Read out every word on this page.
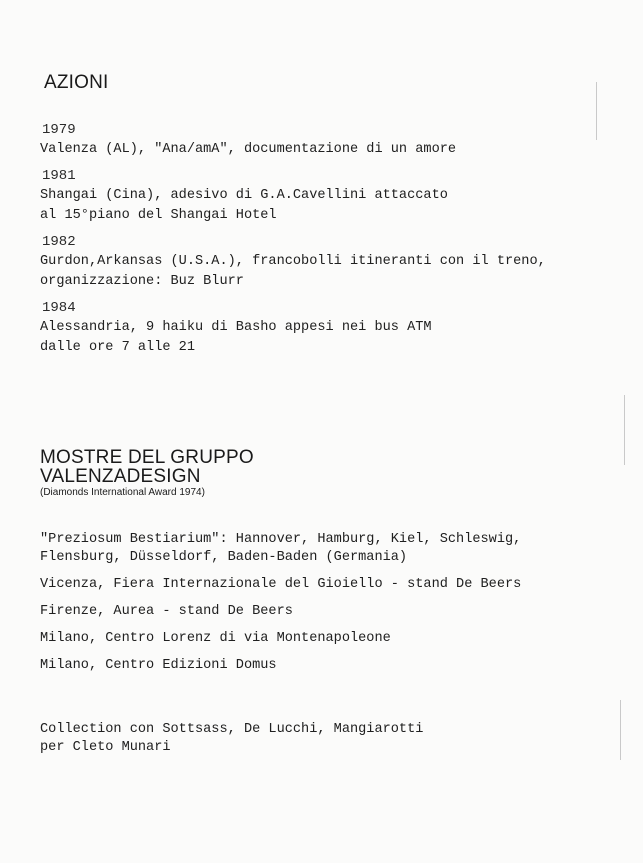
AZIONI
1979
Valenza (AL), "Ana/amA", documentazione di un amore
1981
Shangai (Cina), adesivo di G.A.Cavellini attaccato
al 15°piano del Shangai Hotel
1982
Gurdon,Arkansas (U.S.A.), francobolli itineranti con il treno,
organizzazione: Buz Blurr
1984
Alessandria, 9 haiku di Basho appesi nei bus ATM
dalle ore 7 alle 21
MOSTRE DEL GRUPPO
VALENZADESIGN
(Diamonds International Award 1974)
"Preziosum Bestiarium": Hannover, Hamburg, Kiel, Schleswig,
Flensburg, Düsseldorf, Baden-Baden (Germania)
Vicenza, Fiera Internazionale del Gioiello - stand De Beers
Firenze, Aurea - stand De Beers
Milano, Centro Lorenz di via Montenapoleone
Milano, Centro Edizioni Domus
Collection con Sottsass, De Lucchi, Mangiarotti
per Cleto Munari
